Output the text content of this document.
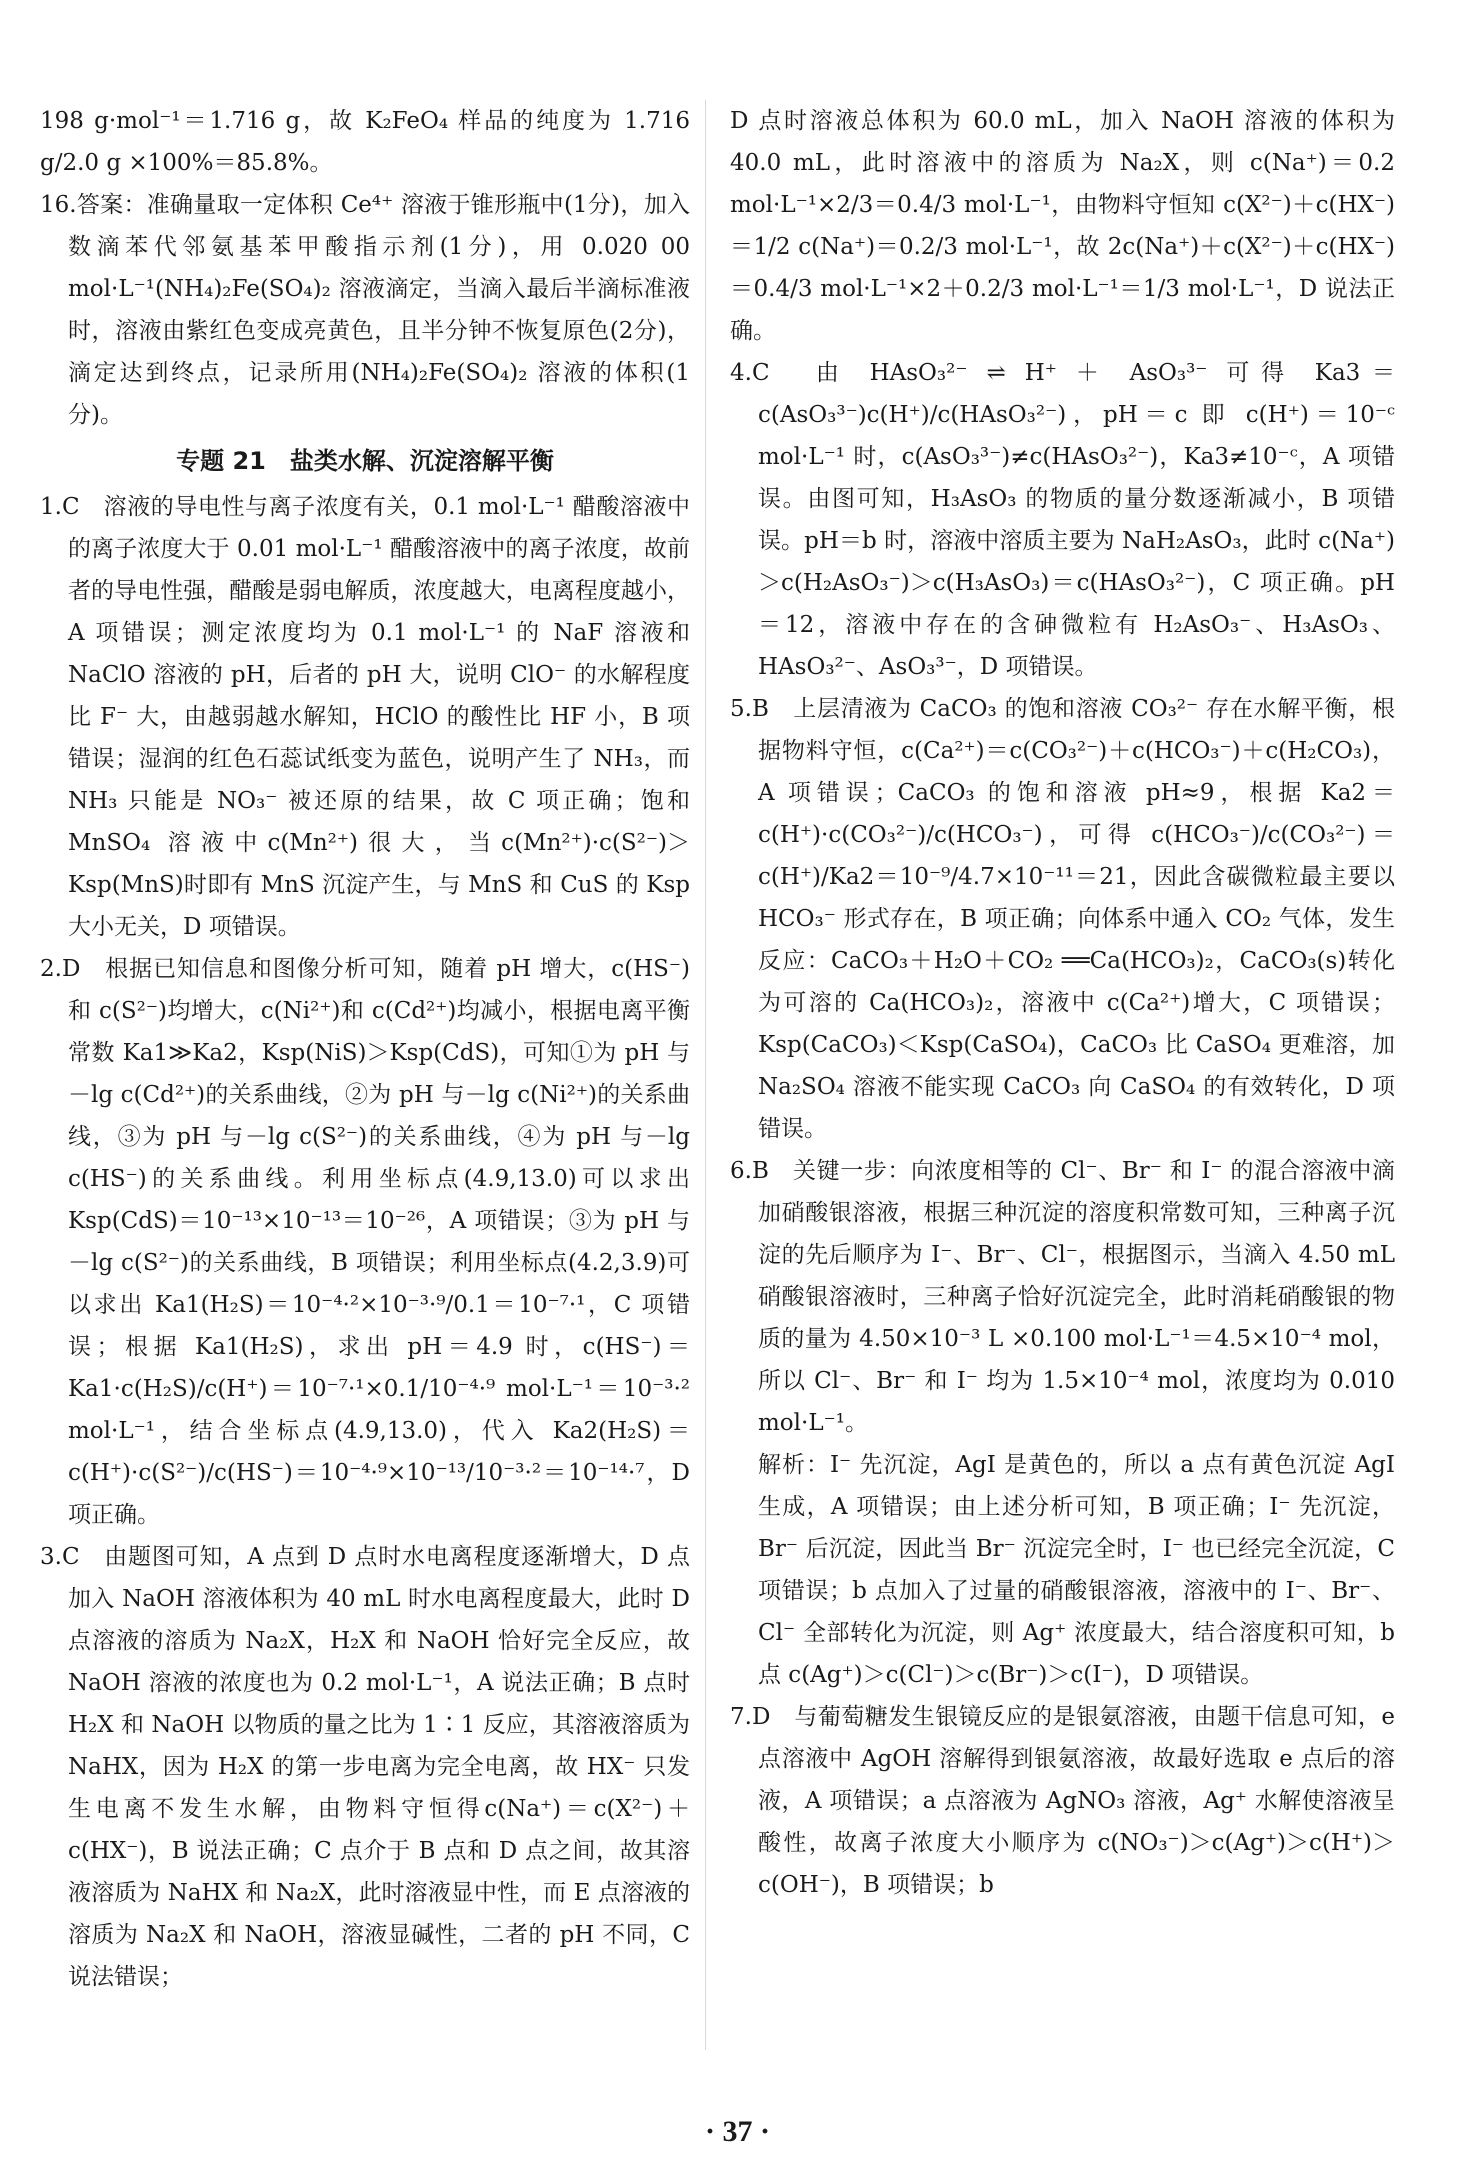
198 g·mol⁻¹＝1.716 g，故 K₂FeO₄ 样品的纯度为 1.716 g/2.0 g ×100%＝85.8%。

16.答案：准确量取一定体积 Ce⁴⁺ 溶液于锥形瓶中(1分)，加入数滴苯代邻氨基苯甲酸指示剂(1分)，用 0.020 00 mol·L⁻¹(NH₄)₂Fe(SO₄)₂ 溶液滴定，当滴入最后半滴标准液时，溶液由紫红色变成亮黄色，且半分钟不恢复原色(2分)，滴定达到终点，记录所用(NH₄)₂Fe(SO₄)₂ 溶液的体积(1分)。

专题 21　盐类水解、沉淀溶解平衡

1.C　溶液的导电性与离子浓度有关，0.1 mol·L⁻¹ 醋酸溶液中的离子浓度大于 0.01 mol·L⁻¹ 醋酸溶液中的离子浓度，故前者的导电性强，醋酸是弱电解质，浓度越大，电离程度越小，A 项错误；测定浓度均为 0.1 mol·L⁻¹ 的 NaF 溶液和 NaClO 溶液的 pH，后者的 pH 大，说明 ClO⁻ 的水解程度比 F⁻ 大，由越弱越水解知，HClO 的酸性比 HF 小，B 项错误；湿润的红色石蕊试纸变为蓝色，说明产生了 NH₃，而 NH₃ 只能是 NO₃⁻ 被还原的结果，故 C 项正确；饱和 MnSO₄ 溶液中c(Mn²⁺)很大，当c(Mn²⁺)·c(S²⁻)＞Ksp(MnS)时即有 MnS 沉淀产生，与 MnS 和 CuS 的 Ksp 大小无关，D 项错误。

2.D　根据已知信息和图像分析可知，随着 pH 增大，c(HS⁻)和 c(S²⁻)均增大，c(Ni²⁺)和 c(Cd²⁺)均减小，根据电离平衡常数 Ka1≫Ka2，Ksp(NiS)＞Ksp(CdS)，可知①为 pH 与－lg c(Cd²⁺)的关系曲线，②为 pH 与－lg c(Ni²⁺)的关系曲线，③为 pH 与－lg c(S²⁻)的关系曲线，④为 pH 与－lg c(HS⁻)的关系曲线。利用坐标点(4.9,13.0)可以求出 Ksp(CdS)＝10⁻¹³×10⁻¹³＝10⁻²⁶，A 项错误；③为 pH 与－lg c(S²⁻)的关系曲线，B 项错误；利用坐标点(4.2,3.9)可以求出 Ka1(H₂S)＝10⁻⁴·²×10⁻³·⁹/0.1＝10⁻⁷·¹，C 项错误；根据 Ka1(H₂S)，求出 pH＝4.9 时，c(HS⁻)＝Ka1·c(H₂S)/c(H⁺)＝10⁻⁷·¹×0.1/10⁻⁴·⁹ mol·L⁻¹＝10⁻³·² mol·L⁻¹，结合坐标点(4.9,13.0)，代入 Ka2(H₂S)＝c(H⁺)·c(S²⁻)/c(HS⁻)＝10⁻⁴·⁹×10⁻¹³/10⁻³·²＝10⁻¹⁴·⁷，D 项正确。

3.C　由题图可知，A 点到 D 点时水电离程度逐渐增大，D 点加入 NaOH 溶液体积为 40 mL 时水电离程度最大，此时 D 点溶液的溶质为 Na₂X，H₂X 和 NaOH 恰好完全反应，故 NaOH 溶液的浓度也为 0.2 mol·L⁻¹，A 说法正确；B 点时 H₂X 和 NaOH 以物质的量之比为 1∶1 反应，其溶液溶质为 NaHX，因为 H₂X 的第一步电离为完全电离，故 HX⁻ 只发生电离不发生水解，由物料守恒得c(Na⁺)＝c(X²⁻)＋c(HX⁻)，B 说法正确；C 点介于 B 点和 D 点之间，故其溶液溶质为 NaHX 和 Na₂X，此时溶液显中性，而 E 点溶液的溶质为 Na₂X 和 NaOH，溶液显碱性，二者的 pH 不同，C 说法错误；

D 点时溶液总体积为 60.0 mL，加入 NaOH 溶液的体积为 40.0 mL，此时溶液中的溶质为 Na₂X，则 c(Na⁺)＝0.2 mol·L⁻¹×2/3＝0.4/3 mol·L⁻¹，由物料守恒知 c(X²⁻)＋c(HX⁻)＝1/2 c(Na⁺)＝0.2/3 mol·L⁻¹，故 2c(Na⁺)＋c(X²⁻)＋c(HX⁻)＝0.4/3 mol·L⁻¹×2＋0.2/3 mol·L⁻¹＝1/3 mol·L⁻¹，D 说法正确。

4.C　由 HAsO₃²⁻ ⇌ H⁺ ＋ AsO₃³⁻ 可得 Ka3＝c(AsO₃³⁻)c(H⁺)/c(HAsO₃²⁻)，pH＝c 即 c(H⁺)＝10⁻ᶜ mol·L⁻¹ 时，c(AsO₃³⁻)≠c(HAsO₃²⁻)，Ka3≠10⁻ᶜ，A 项错误。由图可知，H₃AsO₃ 的物质的量分数逐渐减小，B 项错误。pH＝b 时，溶液中溶质主要为 NaH₂AsO₃，此时 c(Na⁺)＞c(H₂AsO₃⁻)＞c(H₃AsO₃)＝c(HAsO₃²⁻)，C 项正确。pH＝12，溶液中存在的含砷微粒有 H₂AsO₃⁻、H₃AsO₃、HAsO₃²⁻、AsO₃³⁻，D 项错误。

5.B　上层清液为 CaCO₃ 的饱和溶液 CO₃²⁻ 存在水解平衡，根据物料守恒，c(Ca²⁺)＝c(CO₃²⁻)＋c(HCO₃⁻)＋c(H₂CO₃)，A 项错误；CaCO₃ 的饱和溶液 pH≈9，根据 Ka2＝c(H⁺)·c(CO₃²⁻)/c(HCO₃⁻)，可得 c(HCO₃⁻)/c(CO₃²⁻)＝c(H⁺)/Ka2＝10⁻⁹/4.7×10⁻¹¹＝21，因此含碳微粒最主要以 HCO₃⁻ 形式存在，B 项正确；向体系中通入 CO₂ 气体，发生反应：CaCO₃＋H₂O＋CO₂ ══Ca(HCO₃)₂，CaCO₃(s)转化为可溶的 Ca(HCO₃)₂，溶液中 c(Ca²⁺)增大，C 项错误；Ksp(CaCO₃)＜Ksp(CaSO₄)，CaCO₃ 比 CaSO₄ 更难溶，加 Na₂SO₄ 溶液不能实现 CaCO₃ 向 CaSO₄ 的有效转化，D 项错误。

6.B　关键一步：向浓度相等的 Cl⁻、Br⁻ 和 I⁻ 的混合溶液中滴加硝酸银溶液，根据三种沉淀的溶度积常数可知，三种离子沉淀的先后顺序为 I⁻、Br⁻、Cl⁻，根据图示，当滴入 4.50 mL 硝酸银溶液时，三种离子恰好沉淀完全，此时消耗硝酸银的物质的量为 4.50×10⁻³ L ×0.100 mol·L⁻¹＝4.5×10⁻⁴ mol，所以 Cl⁻、Br⁻ 和 I⁻ 均为 1.5×10⁻⁴ mol，浓度均为 0.010 mol·L⁻¹。

解析：I⁻ 先沉淀，AgI 是黄色的，所以 a 点有黄色沉淀 AgI 生成，A 项错误；由上述分析可知，B 项正确；I⁻ 先沉淀，Br⁻ 后沉淀，因此当 Br⁻ 沉淀完全时，I⁻ 也已经完全沉淀，C 项错误；b 点加入了过量的硝酸银溶液，溶液中的 I⁻、Br⁻、Cl⁻ 全部转化为沉淀，则 Ag⁺ 浓度最大，结合溶度积可知，b 点 c(Ag⁺)＞c(Cl⁻)＞c(Br⁻)＞c(I⁻)，D 项错误。

7.D　与葡萄糖发生银镜反应的是银氨溶液，由题干信息可知，e 点溶液中 AgOH 溶解得到银氨溶液，故最好选取 e 点后的溶液，A 项错误；a 点溶液为 AgNO₃ 溶液，Ag⁺ 水解使溶液呈酸性，故离子浓度大小顺序为 c(NO₃⁻)＞c(Ag⁺)＞c(H⁺)＞c(OH⁻)，B 项错误；b

· 37 ·
